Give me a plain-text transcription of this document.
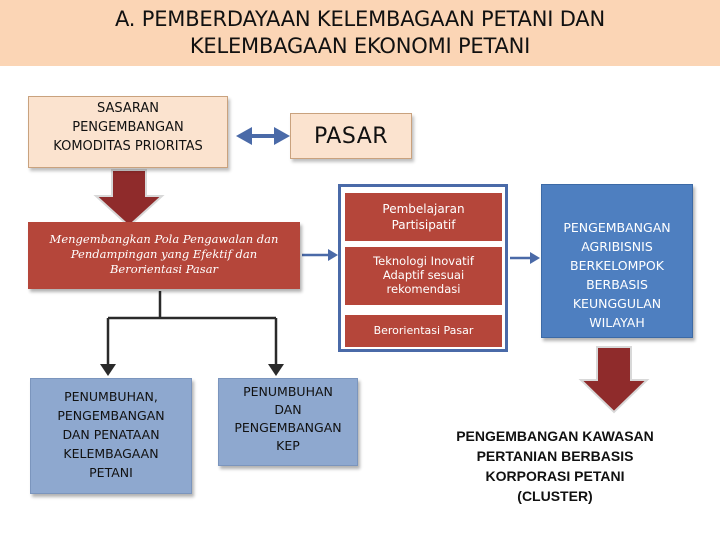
A. PEMBERDAYAAN KELEMBAGAAN PETANI DAN
KELEMBAGAAN EKONOMI PETANI
SASARAN
PENGEMBANGAN
KOMODITAS PRIORITAS	PASAR
Mengembangkan Pola Pengawalan dan
Pendampingan yang Efektif dan
Berorientasi Pasar
Pembelajaran
Partisipatif
Teknologi Inovatif
Adaptif sesuai
rekomendasi
Berorientasi Pasar
PENGEMBANGAN
AGRIBISNIS
BERKELOMPOK
BERBASIS
KEUNGGULAN
WILAYAH
PENUMBUHAN,
PENGEMBANGAN
DAN PENATAAN
KELEMBAGAAN
PETANI
PENUMBUHAN
DAN
PENGEMBANGAN
KEP
PENGEMBANGAN KAWASAN
PERTANIAN BERBASIS
KORPORASI PETANI
(CLUSTER)
